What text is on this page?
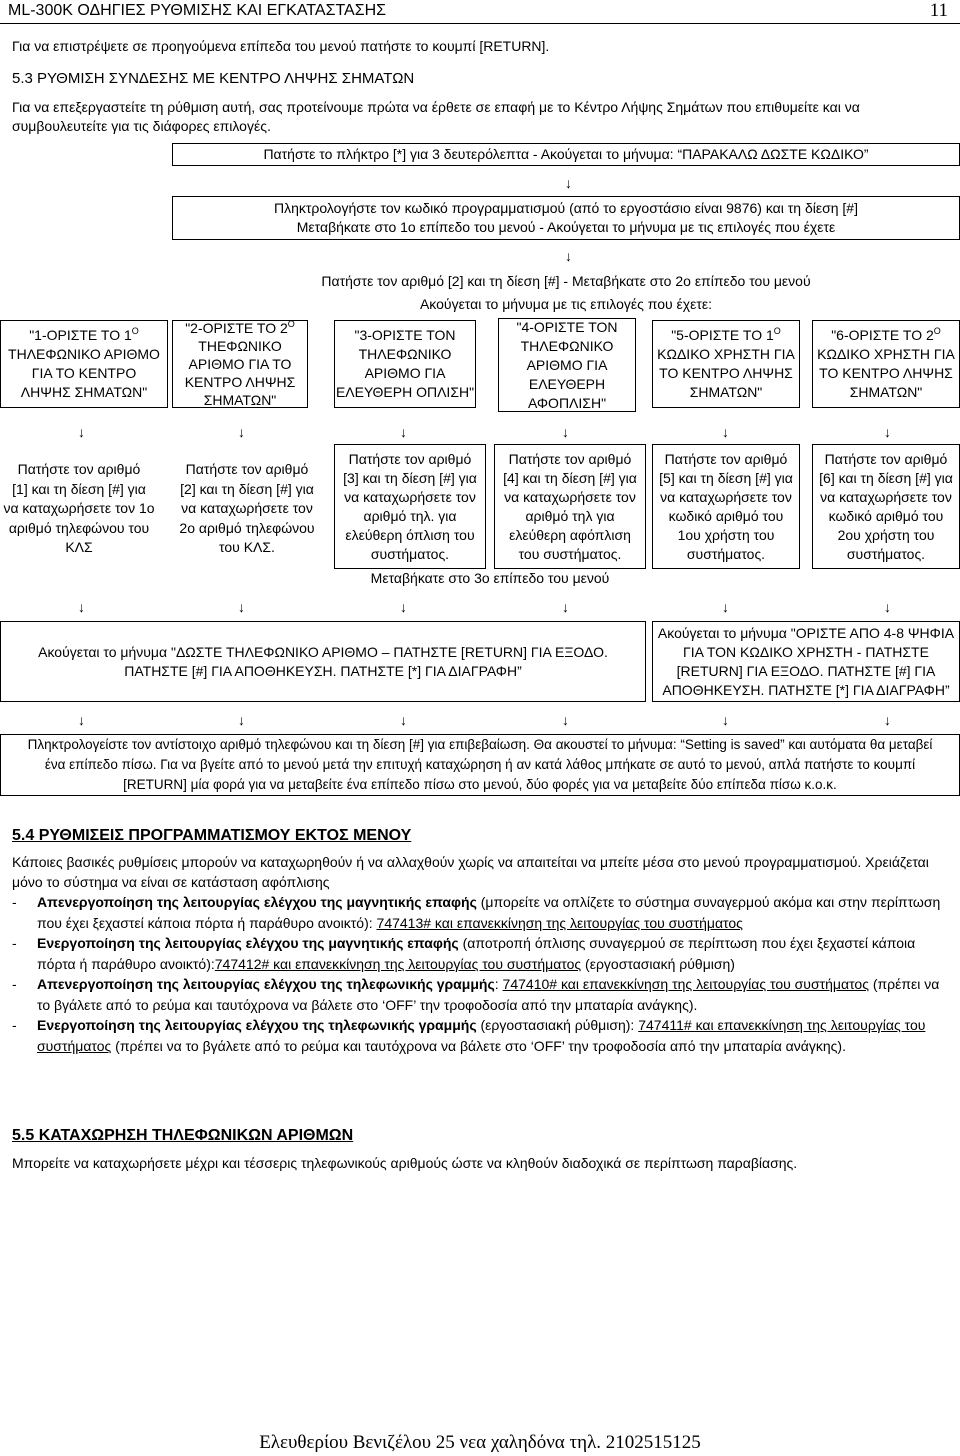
ML-300K ΟΔΗΓΙΕΣ ΡΥΘΜΙΣΗΣ ΚΑΙ ΕΓΚΑΤΑΣΤΑΣΗΣ	11
Για να επιστρέψετε σε προηγούμενα επίπεδα του μενού πατήστε το κουμπί [RETURN].
5.3 ΡΥΘΜΙΣΗ ΣΥΝΔΕΣΗΣ ΜΕ ΚΕΝΤΡΟ ΛΗΨΗΣ ΣΗΜΑΤΩΝ
Για να επεξεργαστείτε τη ρύθμιση αυτή, σας προτείνουμε πρώτα να έρθετε σε επαφή με το Κέντρο Λήψης Σημάτων που επιθυμείτε και να
συμβουλευτείτε για τις διάφορες επιλογές.
Πατήστε το πλήκτρο [*] για 3 δευτερόλεπτα - Ακούγεται το μήνυμα: “ΠΑΡΑΚΑΛΩ ΔΩΣΤΕ ΚΩΔΙΚΟ”
↓
Πληκτρολογήστε τον κωδικό προγραμματισμού (από το εργοστάσιο είναι 9876) και τη δίεση [#]
Μεταβήκατε στο 1ο επίπεδο του μενού - Ακούγεται το μήνυμα με τις επιλογές που έχετε
↓
Πατήστε τον αριθμό [2] και τη δίεση [#] - Μεταβήκατε στο 2ο επίπεδο του μενού
Ακούγεται το μήνυμα με τις επιλογές που έχετε:
"1-ΟΡΙΣΤΕ ΤΟ $1^O$
ΤΗΛΕΦΩΝΙΚΟ ΑΡΙΘΜΟ
ΓΙΑ ΤΟ ΚΕΝΤΡΟ
ΛΗΨΗΣ ΣΗΜΑΤΩΝ"
"2-ΟΡΙΣΤΕ ΤΟ $2^O$
ΤΗΕΦΩΝΙΚΟ
ΑΡΙΘΜΟ ΓΙΑ ΤΟ
ΚΕΝΤΡΟ ΛΗΨΗΣ
ΣΗΜΑΤΩΝ"
"3-ΟΡΙΣΤΕ ΤΟΝ
ΤΗΛΕΦΩΝΙΚΟ
ΑΡΙΘΜΟ ΓΙΑ
ΕΛΕΥΘΕΡΗ ΟΠΛΙΣΗ"
"4-ΟΡΙΣΤΕ ΤΟΝ
ΤΗΛΕΦΩΝΙΚΟ
ΑΡΙΘΜΟ ΓΙΑ
ΕΛΕΥΘΕΡΗ
ΑΦΟΠΛΙΣΗ"
"5-ΟΡΙΣΤΕ ΤΟ $1^O$
ΚΩΔΙΚΟ ΧΡΗΣΤΗ ΓΙΑ
ΤΟ ΚΕΝΤΡΟ ΛΗΨΗΣ
ΣΗΜΑΤΩΝ"
"6-ΟΡΙΣΤΕ ΤΟ $2^O$
ΚΩΔΙΚΟ ΧΡΗΣΤΗ ΓΙΑ
ΤΟ ΚΕΝΤΡΟ ΛΗΨΗΣ
ΣΗΜΑΤΩΝ"
↓	↓	↓	↓	↓	↓
Πατήστε τον αριθμό
[1] και τη δίεση [#] για
να καταχωρήσετε τον 1ο
αριθμό τηλεφώνου του
ΚΛΣ
Πατήστε τον αριθμό
[2] και τη δίεση [#] για
να καταχωρήσετε τον
2ο αριθμό τηλεφώνου
του ΚΛΣ.
Πατήστε τον αριθμό
[3] και τη δίεση [#] για
να καταχωρήσετε τον
αριθμό τηλ. για
ελεύθερη όπλιση του
συστήματος.
Πατήστε τον αριθμό
[4] και τη δίεση [#] για
να καταχωρήσετε τον
αριθμό τηλ για
ελεύθερη αφόπλιση
του συστήματος.
Πατήστε τον αριθμό
[5] και τη δίεση [#] για
να καταχωρήσετε τον
κωδικό αριθμό του
1ου χρήστη του
συστήματος.
Πατήστε τον αριθμό
[6] και τη δίεση [#] για
να καταχωρήσετε τον
κωδικό αριθμό του
2ου χρήστη του
συστήματος.
Μεταβήκατε στο 3ο επίπεδο του μενού
↓	↓	↓	↓	↓	↓
Ακούγεται το μήνυμα "ΔΩΣΤΕ ΤΗΛΕΦΩΝΙΚΟ ΑΡΙΘΜΟ – ΠΑΤΗΣΤΕ [RETURN] ΓΙΑ ΕΞΟΔΟ.
ΠΑΤΗΣΤΕ [#] ΓΙΑ ΑΠΟΘΗΚΕΥΣΗ. ΠΑΤΗΣΤΕ [*] ΓΙΑ ΔΙΑΓΡΑΦΗ”
Ακούγεται το μήνυμα "ΟΡΙΣΤΕ ΑΠΟ 4-8 ΨΗΦΙΑ
ΓΙΑ ΤΟΝ ΚΩΔΙΚΟ ΧΡΗΣΤΗ - ΠΑΤΗΣΤΕ
[RETURN] ΓΙΑ ΕΞΟΔΟ. ΠΑΤΗΣΤΕ [#] ΓΙΑ
ΑΠΟΘΗΚΕΥΣΗ. ΠΑΤΗΣΤΕ [*] ΓΙΑ ΔΙΑΓΡΑΦΗ”
↓	↓	↓	↓	↓	↓
Πληκτρολογείστε τον αντίστοιχο αριθμό τηλεφώνου και τη δίεση [#] για επιβεβαίωση. Θα ακουστεί το μήνυμα: “Setting is saved” και αυτόματα θα μεταβεί
ένα επίπεδο πίσω. Για να βγείτε από το μενού μετά την επιτυχή καταχώρηση ή αν κατά λάθος μπήκατε σε αυτό το μενού, απλά πατήστε το κουμπί
[RETURN] μία φορά για να μεταβείτε ένα επίπεδο πίσω στο μενού, δύο φορές για να μεταβείτε δύο επίπεδα πίσω κ.ο.κ.
5.4 ΡΥΘΜΙΣΕΙΣ ΠΡΟΓΡΑΜΜΑΤΙΣΜΟΥ ΕΚΤΟΣ ΜΕΝΟΥ
Κάποιες βασικές ρυθμίσεις μπορούν να καταχωρηθούν ή να αλλαχθούν χωρίς να απαιτείται να μπείτε μέσα στο μενού προγραμματισμού. Χρειάζεται
μόνο το σύστημα να είναι σε κατάσταση αφόπλισης
- Απενεργοποίηση της λειτουργίας ελέγχου της μαγνητικής επαφής (μπορείτε να οπλίζετε το σύστημα συναγερμού ακόμα και στην περίπτωση
που έχει ξεχαστεί κάποια πόρτα ή παράθυρο ανοικτό): 747413# και επανεκκίνηση της λειτουργίας του συστήματος
- Ενεργοποίηση της λειτουργίας ελέγχου της μαγνητικής επαφής (αποτροπή όπλισης συναγερμού σε περίπτωση που έχει ξεχαστεί κάποια
πόρτα ή παράθυρο ανοικτό):747412# και επανεκκίνηση της λειτουργίας του συστήματος (εργοστασιακή ρύθμιση)
- Απενεργοποίηση της λειτουργίας ελέγχου της τηλεφωνικής γραμμής: 747410# και επανεκκίνηση της λειτουργίας του συστήματος (πρέπει να
το βγάλετε από το ρεύμα και ταυτόχρονα να βάλετε στο ‘OFF’ την τροφοδοσία από την μπαταρία ανάγκης).
- Ενεργοποίηση της λειτουργίας ελέγχου της τηλεφωνικής γραμμής (εργοστασιακή ρύθμιση): 747411# και επανεκκίνηση της λειτουργίας του
συστήματος (πρέπει να το βγάλετε από το ρεύμα και ταυτόχρονα να βάλετε στο ‘OFF’ την τροφοδοσία από την μπαταρία ανάγκης).
5.5 ΚΑΤΑΧΩΡΗΣΗ ΤΗΛΕΦΩΝΙΚΩΝ ΑΡΙΘΜΩΝ
Μπορείτε να καταχωρήσετε μέχρι και τέσσερις τηλεφωνικούς αριθμούς ώστε να κληθούν διαδοχικά σε περίπτωση παραβίασης.
Ελευθερίου Βενιζέλου 25 νεα χαληδόνα τηλ. 2102515125
